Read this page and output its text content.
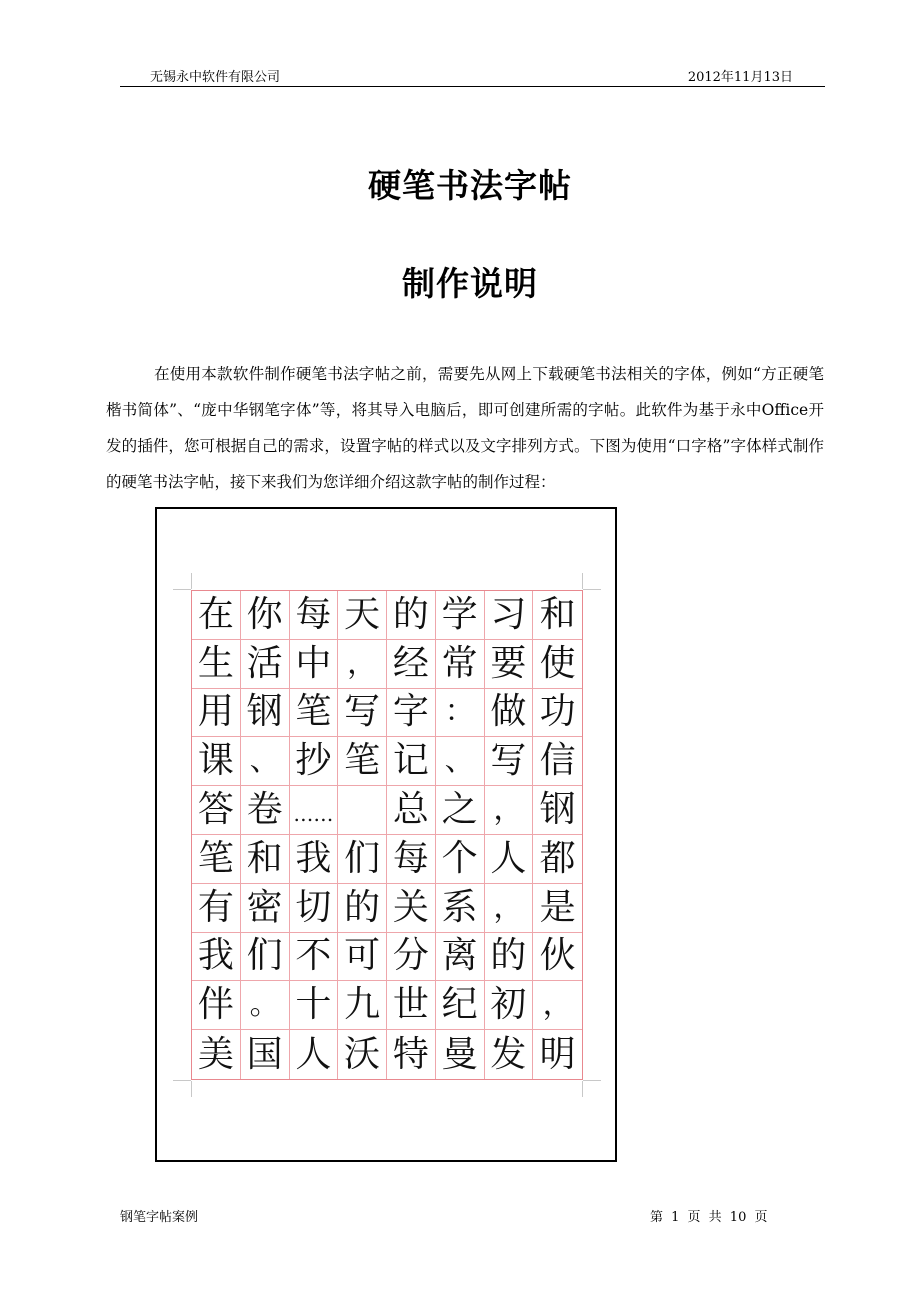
无锡永中软件有限公司	2012年11月13日
硬笔书法字帖
制作说明

在使用本款软件制作硬笔书法字帖之前，需要先从网上下载硬笔书法相关的字体，例如“方正硬笔楷书简体”、“庞中华钢笔字体”等，将其导入电脑后，即可创建所需的字帖。此软件为基于永中Office开发的插件，您可根据自己的需求，设置字帖的样式以及文字排列方式。下图为使用“口字格”字体样式制作的硬笔书法字帖，接下来我们为您详细介绍这款字帖的制作过程：

在 你 每 天 的 学 习 和
生 活 中 ， 经 常 要 使
用 钢 笔 写 字 ： 做 功
课 、 抄 笔 记 、 写 信
答 卷 …… 总 之 ， 钢
笔 和 我 们 每 个 人 都
有 密 切 的 关 系 ， 是
我 们 不 可 分 离 的 伙
伴 。 十 九 世 纪 初 ，
美 国 人 沃 特 曼 发 明
钢笔字帖案例	第 1 页 共 10 页
